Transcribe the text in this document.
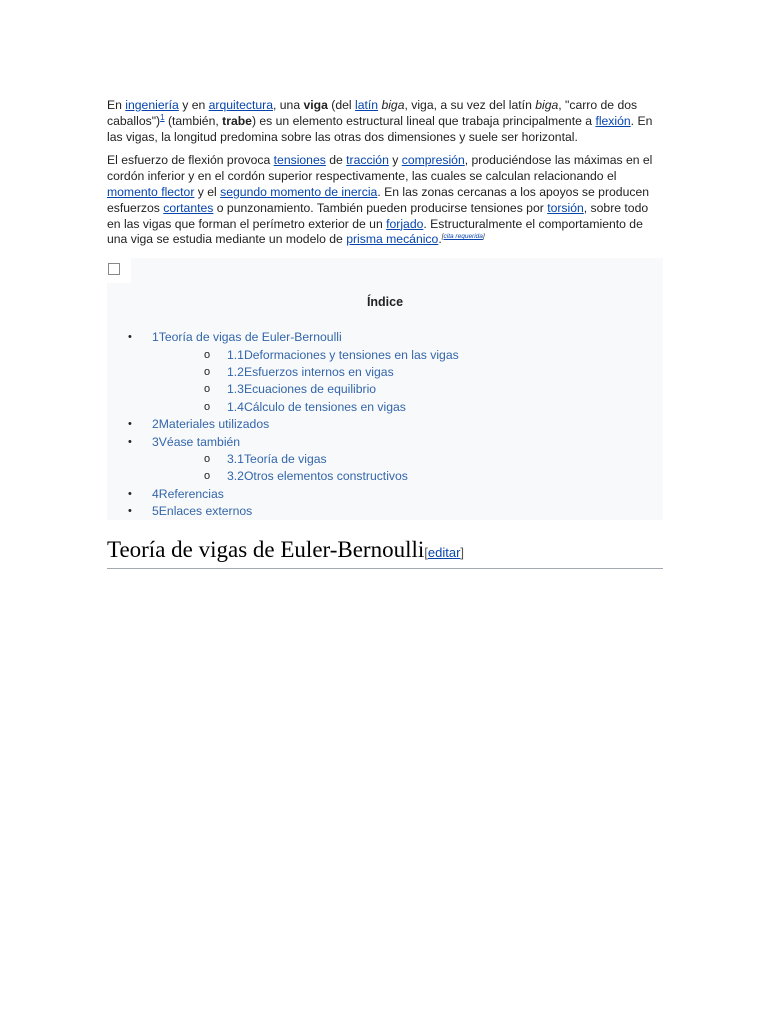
En ingeniería y en arquitectura, una viga (del latín biga, viga, a su vez del latín biga, "carro de dos caballos")$^1$ (también, trabe) es un elemento estructural lineal que trabaja principalmente a flexión. En las vigas, la longitud predomina sobre las otras dos dimensiones y suele ser horizontal.

El esfuerzo de flexión provoca tensiones de tracción y compresión, produciéndose las máximas en el cordón inferior y en el cordón superior respectivamente, las cuales se calculan relacionando el momento flector y el segundo momento de inercia. En las zonas cercanas a los apoyos se producen esfuerzos cortantes o punzonamiento. También pueden producirse tensiones por torsión, sobre todo en las vigas que forman el perímetro exterior de un forjado. Estructuralmente el comportamiento de una viga se estudia mediante un modelo de prisma mecánico.[cita requerida]

Índice
• 1Teoría de vigas de Euler-Bernoulli
o 1.1Deformaciones y tensiones en las vigas
o 1.2Esfuerzos internos en vigas
o 1.3Ecuaciones de equilibrio
o 1.4Cálculo de tensiones en vigas
• 2Materiales utilizados
• 3Véase también
o 3.1Teoría de vigas
o 3.2Otros elementos constructivos
• 4Referencias
• 5Enlaces externos
Teoría de vigas de Euler-Bernoulli[editar]
